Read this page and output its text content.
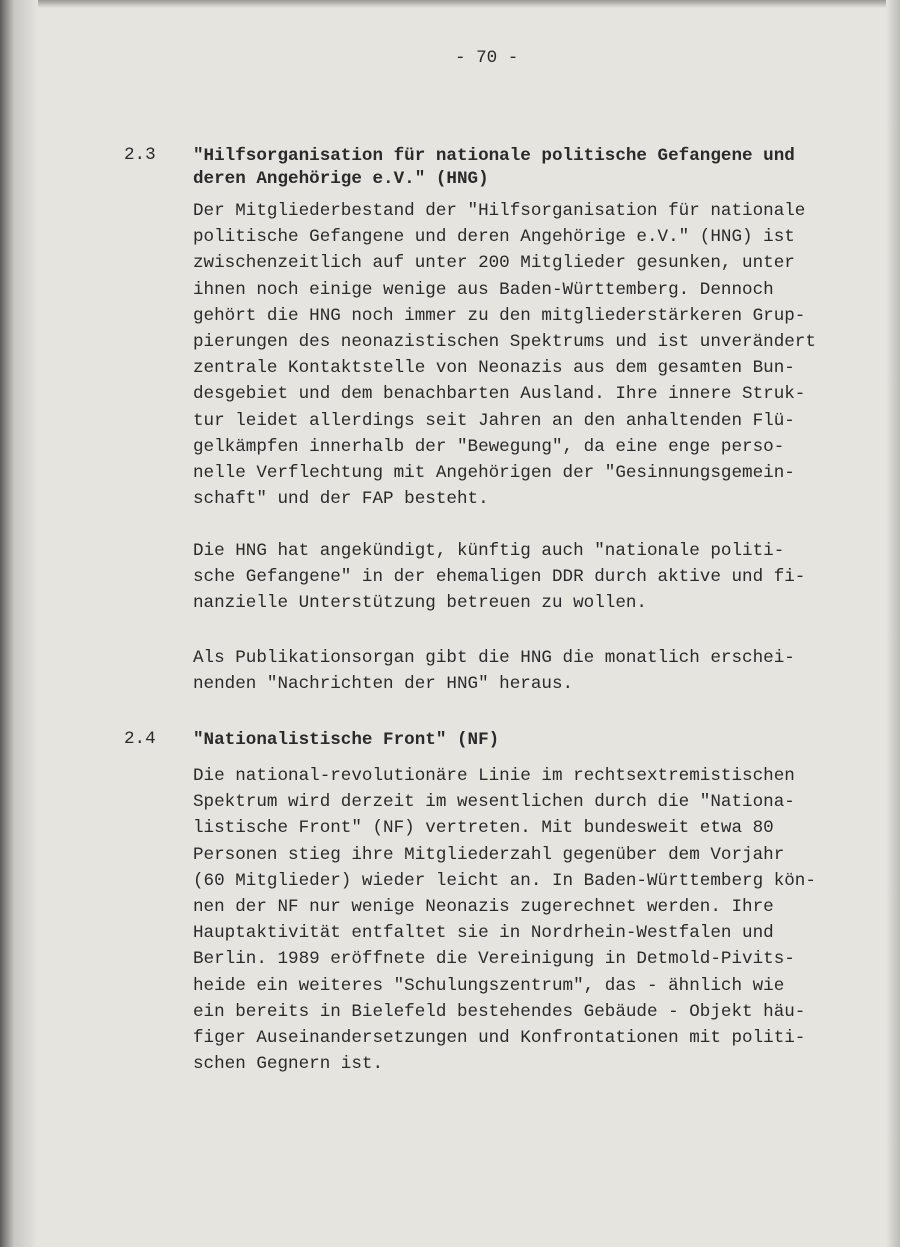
- 70 -
2.3 "Hilfsorganisation für nationale politische Gefangene und
deren Angehörige e.V." (HNG)
Der Mitgliederbestand der "Hilfsorganisation für nationale
politische Gefangene und deren Angehörige e.V." (HNG) ist
zwischenzeitlich auf unter 200 Mitglieder gesunken, unter
ihnen noch einige wenige aus Baden-Württemberg. Dennoch
gehört die HNG noch immer zu den mitgliederstärkeren Grup-
pierungen des neonazistischen Spektrums und ist unverändert
zentrale Kontaktstelle von Neonazis aus dem gesamten Bun-
desgebiet und dem benachbarten Ausland. Ihre innere Struk-
tur leidet allerdings seit Jahren an den anhaltenden Flü-
gelkämpfen innerhalb der "Bewegung", da eine enge perso-
nelle Verflechtung mit Angehörigen der "Gesinnungsgemein-
schaft" und der FAP besteht.
Die HNG hat angekündigt, künftig auch "nationale politi-
sche Gefangene" in der ehemaligen DDR durch aktive und fi-
nanzielle Unterstützung betreuen zu wollen.
Als Publikationsorgan gibt die HNG die monatlich erschei-
nenden "Nachrichten der HNG" heraus.
2.4 "Nationalistische Front" (NF)
Die national-revolutionäre Linie im rechtsextremistischen
Spektrum wird derzeit im wesentlichen durch die "Nationa-
listische Front" (NF) vertreten. Mit bundesweit etwa 80
Personen stieg ihre Mitgliederzahl gegenüber dem Vorjahr
(60 Mitglieder) wieder leicht an. In Baden-Württemberg kön-
nen der NF nur wenige Neonazis zugerechnet werden. Ihre
Hauptaktivität entfaltet sie in Nordrhein-Westfalen und
Berlin. 1989 eröffnete die Vereinigung in Detmold-Pivits-
heide ein weiteres "Schulungszentrum", das - ähnlich wie
ein bereits in Bielefeld bestehendes Gebäude - Objekt häu-
figer Auseinandersetzungen und Konfrontationen mit politi-
schen Gegnern ist.
